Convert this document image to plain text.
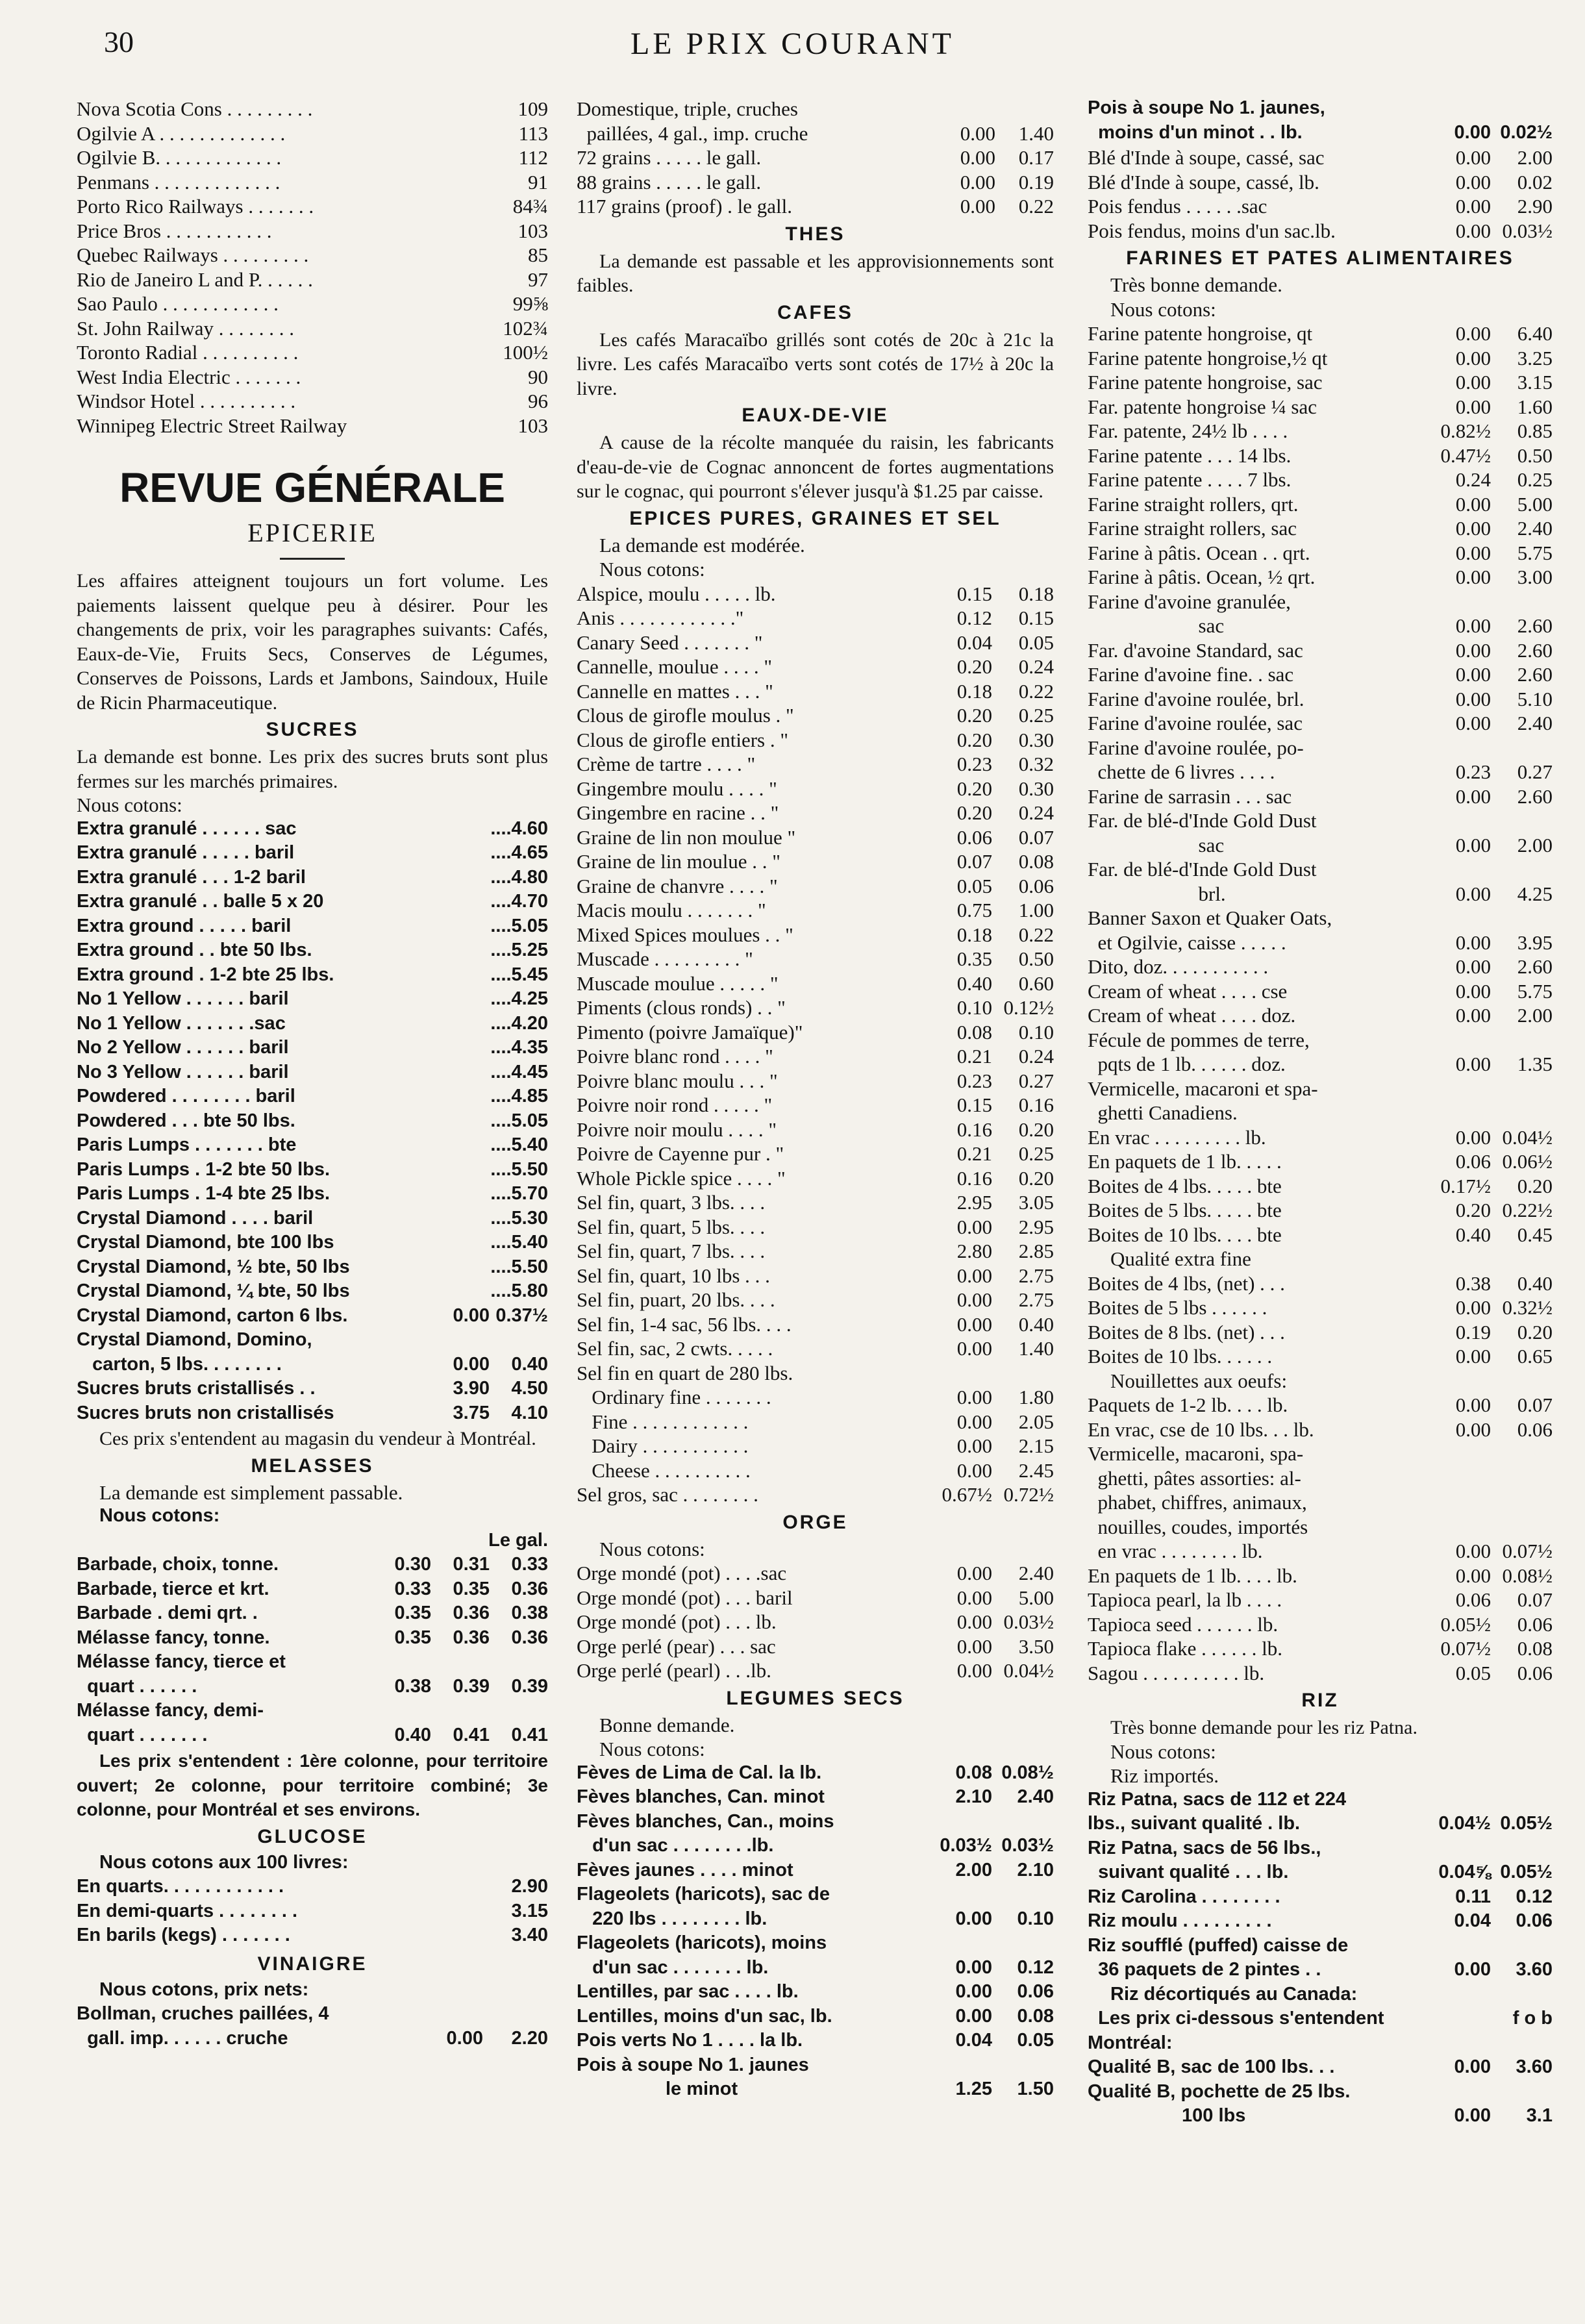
30	LE PRIX COURANT
Nova Scotia Cons . . . . . . . . .	109
Ogilvie A . . . . . . . . . . . . .	113
Ogilvie B. . . . . . . . . . . . .	112
Penmans . . . . . . . . . . . . .	91
Porto Rico Railways . . . . . . .	84¾
Price Bros . . . . . . . . . . .	103
Quebec Railways . . . . . . . . .	85
Rio de Janeiro L and P. . . . . .	97
Sao Paulo . . . . . . . . . . . .	99⅝
St. John Railway . . . . . . . .	102¾
Toronto Radial . . . . . . . . . .	100½
West India Electric . . . . . . .	90
Windsor Hotel . . . . . . . . . .	96
Winnipeg Electric Street Railway	103
REVUE GÉNÉRALE
EPICERIE
Les affaires atteignent toujours un fort volume. Les paiements laissent quelque peu à désirer. Pour les changements de prix, voir les paragraphes suivants: Cafés, Eaux-de-Vie, Fruits Secs, Conserves de Légumes, Conserves de Poissons, Lards et Jambons, Saindoux, Huile de Ricin Pharmaceutique.
SUCRES
La demande est bonne. Les prix des sucres bruts sont plus fermes sur les marchés primaires.
Nous cotons:
Extra granulé . . . . . . sac	....4.60
Extra granulé . . . . . baril	....4.65
Extra granulé . . . 1-2 baril	....4.80
Extra granulé . . balle 5 x 20	....4.70
Extra ground . . . . . baril	....5.05
Extra ground . . bte 50 lbs.	....5.25
Extra ground . 1-2 bte 25 lbs.	....5.45
No 1 Yellow . . . . . . baril	....4.25
No 1 Yellow . . . . . . .sac	....4.20
No 2 Yellow . . . . . . baril	....4.35
No 3 Yellow . . . . . . baril	....4.45
Powdered . . . . . . . . baril	....4.85
Powdered . . . bte 50 lbs.	....5.05
Paris Lumps . . . . . . . bte	....5.40
Paris Lumps . 1-2 bte 50 lbs.	....5.50
Paris Lumps . 1-4 bte 25 lbs.	....5.70
Crystal Diamond . . . . baril	....5.30
Crystal Diamond, bte 100 lbs	....5.40
Crystal Diamond, ½ bte, 50 lbs	....5.50
Crystal Diamond, ¼ bte, 50 lbs	....5.80
Crystal Diamond, carton 6 lbs.	0.00 0.37½
Crystal Diamond, Domino,
carton, 5 lbs. . . . . . . .	0.00	0.40
Sucres bruts cristallisés . .	3.90	4.50
Sucres bruts non cristallisés	3.75	4.10
Ces prix s'entendent au magasin du vendeur à Montréal.
MELASSES
La demande est simplement passable.
Nous cotons:
Le gal.
Barbade, choix, tonne.	0.30	0.31	0.33
Barbade, tierce et krt.	0.33	0.35	0.36
Barbade . demi qrt. .	0.35	0.36	0.38
Mélasse fancy, tonne.	0.35	0.36	0.36
Mélasse fancy, tierce et
quart . . . . . .	0.38	0.39	0.39
Mélasse fancy, demi-
quart . . . . . . .	0.40	0.41	0.41
Les prix s'entendent : 1ère colonne, pour territoire ouvert; 2e colonne, pour territoire combiné; 3e colonne, pour Montréal et ses environs.
GLUCOSE
Nous cotons aux 100 livres:
En quarts. . . . . . . . . . . .	2.90
En demi-quarts . . . . . . . .	3.15
En barils (kegs) . . . . . . .	3.40
VINAIGRE
Nous cotons, prix nets:
Bollman, cruches paillées, 4
gall. imp. . . . . . cruche	0.00	2.20
Domestique, triple, cruches
paillées, 4 gal., imp. cruche	0.00	1.40
72 grains . . . . . le gall.	0.00	0.17
88 grains . . . . . le gall.	0.00	0.19
117 grains (proof) . le gall.	0.00	0.22
THES
La demande est passable et les approvisionnements sont faibles.
CAFES
Les cafés Maracaïbo grillés sont cotés de 20c à 21c la livre. Les cafés Maracaïbo verts sont cotés de 17½ à 20c la livre.
EAUX-DE-VIE
A cause de la récolte manquée du raisin, les fabricants d'eau-de-vie de Cognac annoncent de fortes augmentations sur le cognac, qui pourront s'élever jusqu'à $1.25 par caisse.
EPICES PURES, GRAINES ET SEL
La demande est modérée.
Nous cotons:
Alspice, moulu . . . . . lb.	0.15	0.18
Anis . . . . . . . . . . . ."	0.12	0.15
Canary Seed . . . . . . . "	0.04	0.05
Cannelle, moulue . . . . "	0.20	0.24
Cannelle en mattes . . . "	0.18	0.22
Clous de girofle moulus . "	0.20	0.25
Clous de girofle entiers . "	0.20	0.30
Crème de tartre . . . . "	0.23	0.32
Gingembre moulu . . . . "	0.20	0.30
Gingembre en racine . . "	0.20	0.24
Graine de lin non moulue "	0.06	0.07
Graine de lin moulue . . "	0.07	0.08
Graine de chanvre . . . . "	0.05	0.06
Macis moulu . . . . . . . "	0.75	1.00
Mixed Spices moulues . . "	0.18	0.22
Muscade . . . . . . . . . "	0.35	0.50
Muscade moulue . . . . . "	0.40	0.60
Piments (clous ronds) . . "	0.10 0.12½
Pimento (poivre Jamaïque)"	0.08	0.10
Poivre blanc rond . . . . "	0.21	0.24
Poivre blanc moulu . . . "	0.23	0.27
Poivre noir rond . . . . . "	0.15	0.16
Poivre noir moulu . . . . "	0.16	0.20
Poivre de Cayenne pur . "	0.21	0.25
Whole Pickle spice . . . . "	0.16	0.20
Sel fin, quart, 3 lbs. . . .	2.95	3.05
Sel fin, quart, 5 lbs. . . .	0.00	2.95
Sel fin, quart, 7 lbs. . . .	2.80	2.85
Sel fin, quart, 10 lbs . . .	0.00	2.75
Sel fin, puart, 20 lbs. . . .	0.00	2.75
Sel fin, 1-4 sac, 56 lbs. . . .	0.00	0.40
Sel fin, sac, 2 cwts. . . . .	0.00	1.40
Sel fin en quart de 280 lbs.
Ordinary fine . . . . . . .	0.00	1.80
Fine . . . . . . . . . . . .	0.00	2.05
Dairy . . . . . . . . . . .	0.00	2.15
Cheese . . . . . . . . . .	0.00	2.45
Sel gros, sac . . . . . . . .	0.67½ 0.72½
ORGE
Nous cotons:
Orge mondé (pot) . . . .sac	0.00	2.40
Orge mondé (pot) . . . baril	0.00	5.00
Orge mondé (pot) . . . lb.	0.00 0.03½
Orge perlé (pear) . . . sac	0.00	3.50
Orge perlé (pearl) . . .lb.	0.00 0.04½
LEGUMES SECS
Bonne demande.
Nous cotons:
Fèves de Lima de Cal. la lb.	0.08 0.08½
Fèves blanches, Can. minot	2.10	2.40
Fèves blanches, Can., moins
d'un sac . . . . . . . .lb.	0.03½ 0.03½
Fèves jaunes . . . . minot	2.00	2.10
Flageolets (haricots), sac de
220 lbs . . . . . . . . lb.	0.00	0.10
Flageolets (haricots), moins
d'un sac . . . . . . . lb.	0.00	0.12
Lentilles, par sac . . . . lb.	0.00	0.06
Lentilles, moins d'un sac, lb.	0.00	0.08
Pois verts No 1 . . . . la lb.	0.04	0.05
Pois à soupe No 1. jaunes
le minot	1.25	1.50
Pois à soupe No 1. jaunes,
moins d'un minot . . lb.	0.00 0.02½
Blé d'Inde à soupe, cassé, sac	0.00	2.00
Blé d'Inde à soupe, cassé, lb.	0.00	0.02
Pois fendus . . . . . .sac	0.00	2.90
Pois fendus, moins d'un sac.lb.	0.00 0.03½
FARINES ET PATES ALIMENTAIRES
Très bonne demande.
Nous cotons:
Farine patente hongroise, qt	0.00	6.40
Farine patente hongroise,½ qt	0.00	3.25
Farine patente hongroise, sac	0.00	3.15
Far. patente hongroise ¼ sac	0.00	1.60
Far. patente, 24½ lb . . . .	0.82½	0.85
Farine patente . . . 14 lbs.	0.47½	0.50
Farine patente . . . . 7 lbs.	0.24	0.25
Farine straight rollers, qrt.	0.00	5.00
Farine straight rollers, sac	0.00	2.40
Farine à pâtis. Ocean . . qrt.	0.00	5.75
Farine à pâtis. Ocean, ½ qrt.	0.00	3.00
Farine d'avoine granulée,
sac	0.00	2.60
Far. d'avoine Standard, sac	0.00	2.60
Farine d'avoine fine. . sac	0.00	2.60
Farine d'avoine roulée, brl.	0.00	5.10
Farine d'avoine roulée, sac	0.00	2.40
Farine d'avoine roulée, po-
chette de 6 livres . . . .	0.23	0.27
Farine de sarrasin . . . sac	0.00	2.60
Far. de blé-d'Inde Gold Dust
sac	0.00	2.00
Far. de blé-d'Inde Gold Dust
brl.	0.00	4.25
Banner Saxon et Quaker Oats,
et Ogilvie, caisse . . . . .	0.00	3.95
Dito, doz. . . . . . . . . . .	0.00	2.60
Cream of wheat . . . . cse	0.00	5.75
Cream of wheat . . . . doz.	0.00	2.00
Fécule de pommes de terre,
pqts de 1 lb. . . . . . doz.	0.00	1.35
Vermicelle, macaroni et spa-
ghetti Canadiens.
En vrac . . . . . . . . . lb.	0.00 0.04½
En paquets de 1 lb. . . . .	0.06 0.06½
Boites de 4 lbs. . . . . bte	0.17½	0.20
Boites de 5 lbs. . . . . bte	0.20 0.22½
Boites de 10 lbs. . . . bte	0.40	0.45
Qualité extra fine
Boites de 4 lbs, (net) . . .	0.38	0.40
Boites de 5 lbs . . . . . .	0.00 0.32½
Boites de 8 lbs. (net) . . .	0.19	0.20
Boites de 10 lbs. . . . . .	0.00	0.65
Nouillettes aux oeufs:
Paquets de 1-2 lb. . . . lb.	0.00	0.07
En vrac, cse de 10 lbs. . . lb.	0.00	0.06
Vermicelle, macaroni, spa-
ghetti, pâtes assorties: al-
phabet, chiffres, animaux,
nouilles, coudes, importés
en vrac . . . . . . . . lb.	0.00 0.07½
En paquets de 1 lb. . . . lb.	0.00 0.08½
Tapioca pearl, la lb . . . .	0.06	0.07
Tapioca seed . . . . . . lb.	0.05½	0.06
Tapioca flake . . . . . . lb.	0.07½	0.08
Sagou . . . . . . . . . . lb.	0.05	0.06
RIZ
Très bonne demande pour les riz Patna.
Nous cotons:
Riz importés.
Riz Patna, sacs de 112 et 224
lbs., suivant qualité . lb.	0.04½ 0.05½
Riz Patna, sacs de 56 lbs.,
suivant qualité . . . lb.	0.04⅝ 0.05½
Riz Carolina . . . . . . . .	0.11	0.12
Riz moulu . . . . . . . . .	0.04	0.06
Riz soufflé (puffed) caisse de
36 paquets de 2 pintes . .	0.00	3.60
Riz décortiqués au Canada:
Les prix ci-dessous s'entendent	f o b
Montréal:
Qualité B, sac de 100 lbs. . .	0.00	3.60
Qualité B, pochette de 25 lbs.
100 lbs	0.00	3.1
